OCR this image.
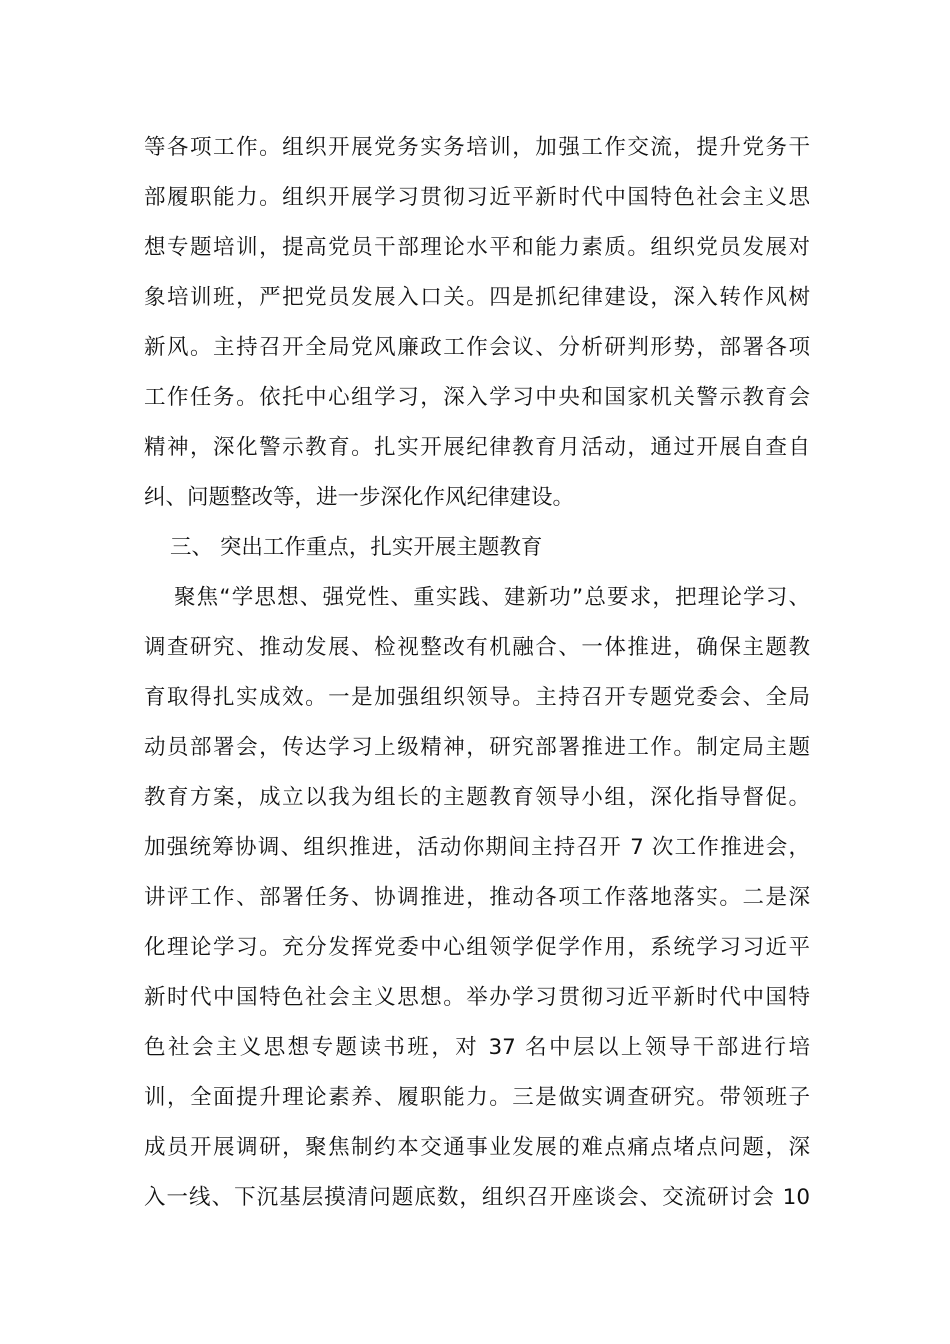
等各项工作。组织开展党务实务培训，加强工作交流，提升党务干
部履职能力。组织开展学习贯彻习近平新时代中国特色社会主义思
想专题培训，提高党员干部理论水平和能力素质。组织党员发展对
象培训班，严把党员发展入口关。四是抓纪律建设，深入转作风树
新风。主持召开全局党风廉政工作会议、分析研判形势，部署各项
工作任务。依托中心组学习，深入学习中央和国家机关警示教育会
精神，深化警示教育。扎实开展纪律教育月活动，通过开展自查自
纠、问题整改等，进一步深化作风纪律建设。
三、 突出工作重点，扎实开展主题教育
聚焦“学思想、强党性、重实践、建新功”总要求，把理论学习、
调查研究、推动发展、检视整改有机融合、一体推进，确保主题教
育取得扎实成效。一是加强组织领导。主持召开专题党委会、全局
动员部署会，传达学习上级精神，研究部署推进工作。制定局主题
教育方案，成立以我为组长的主题教育领导小组，深化指导督促。
加强统筹协调、组织推进，活动你期间主持召开 7 次工作推进会，
讲评工作、部署任务、协调推进，推动各项工作落地落实。二是深
化理论学习。充分发挥党委中心组领学促学作用，系统学习习近平
新时代中国特色社会主义思想。举办学习贯彻习近平新时代中国特
色社会主义思想专题读书班，对 37 名中层以上领导干部进行培
训，全面提升理论素养、履职能力。三是做实调查研究。带领班子
成员开展调研，聚焦制约本交通事业发展的难点痛点堵点问题，深
入一线、下沉基层摸清问题底数，组织召开座谈会、交流研讨会 10
